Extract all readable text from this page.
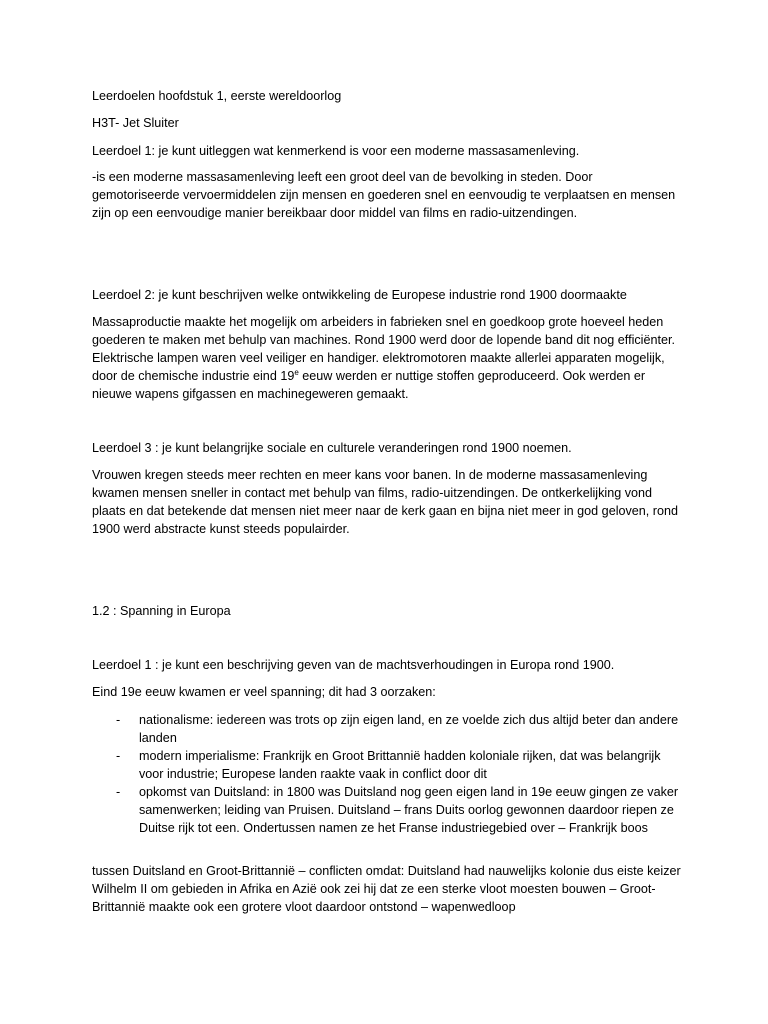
Leerdoelen hoofdstuk 1, eerste wereldoorlog

H3T- Jet Sluiter

Leerdoel 1: je kunt uitleggen wat kenmerkend is voor een moderne massasamenleving.

-is een moderne massasamenleving leeft een groot deel van de bevolking in steden. Door gemotoriseerde vervoermiddelen zijn mensen en goederen snel en eenvoudig te verplaatsen en mensen zijn op een eenvoudige manier bereikbaar door middel van films en radio-uitzendingen.

Leerdoel 2: je kunt beschrijven welke ontwikkeling de Europese industrie rond 1900 doormaakte

Massaproductie maakte het mogelijk om arbeiders in fabrieken snel en goedkoop grote hoeveel heden goederen te maken met behulp van machines. Rond 1900 werd door de lopende band dit nog efficiënter. Elektrische lampen waren veel veiliger en handiger. elektromotoren maakte allerlei apparaten mogelijk, door de chemische industrie eind 19e eeuw werden er nuttige stoffen geproduceerd. Ook werden er nieuwe wapens gifgassen en machinegeweren gemaakt.

Leerdoel 3 : je kunt belangrijke sociale en culturele veranderingen rond 1900 noemen.

Vrouwen kregen steeds meer rechten en meer kans voor banen. In de moderne massasamenleving kwamen mensen sneller in contact met behulp van films, radio-uitzendingen. De ontkerkelijking vond plaats en dat betekende dat mensen niet meer naar de kerk gaan en bijna niet meer in god geloven, rond 1900 werd abstracte kunst steeds populairder.

1.2 : Spanning in Europa

Leerdoel 1 : je kunt een beschrijving geven van de machtsverhoudingen in Europa rond 1900.

Eind 19e eeuw kwamen er veel spanning; dit had 3 oorzaken:

- nationalisme: iedereen was trots op zijn eigen land, en ze voelde zich dus altijd beter dan andere landen
- modern imperialisme: Frankrijk en Groot Brittannië hadden koloniale rijken, dat was belangrijk voor industrie; Europese landen raakte vaak in conflict door dit
- opkomst van Duitsland: in 1800 was Duitsland nog geen eigen land in 19e eeuw gingen ze vaker samenwerken; leiding van Pruisen. Duitsland – frans Duits oorlog gewonnen daardoor riepen ze Duitse rijk tot een. Ondertussen namen ze het Franse industriegebied over – Frankrijk boos

tussen Duitsland en Groot-Brittannië – conflicten omdat: Duitsland had nauwelijks kolonie dus eiste keizer Wilhelm II om gebieden in Afrika en Azië ook zei hij dat ze een sterke vloot moesten bouwen – Groot-Brittannië maakte ook een grotere vloot daardoor ontstond – wapenwedloop
